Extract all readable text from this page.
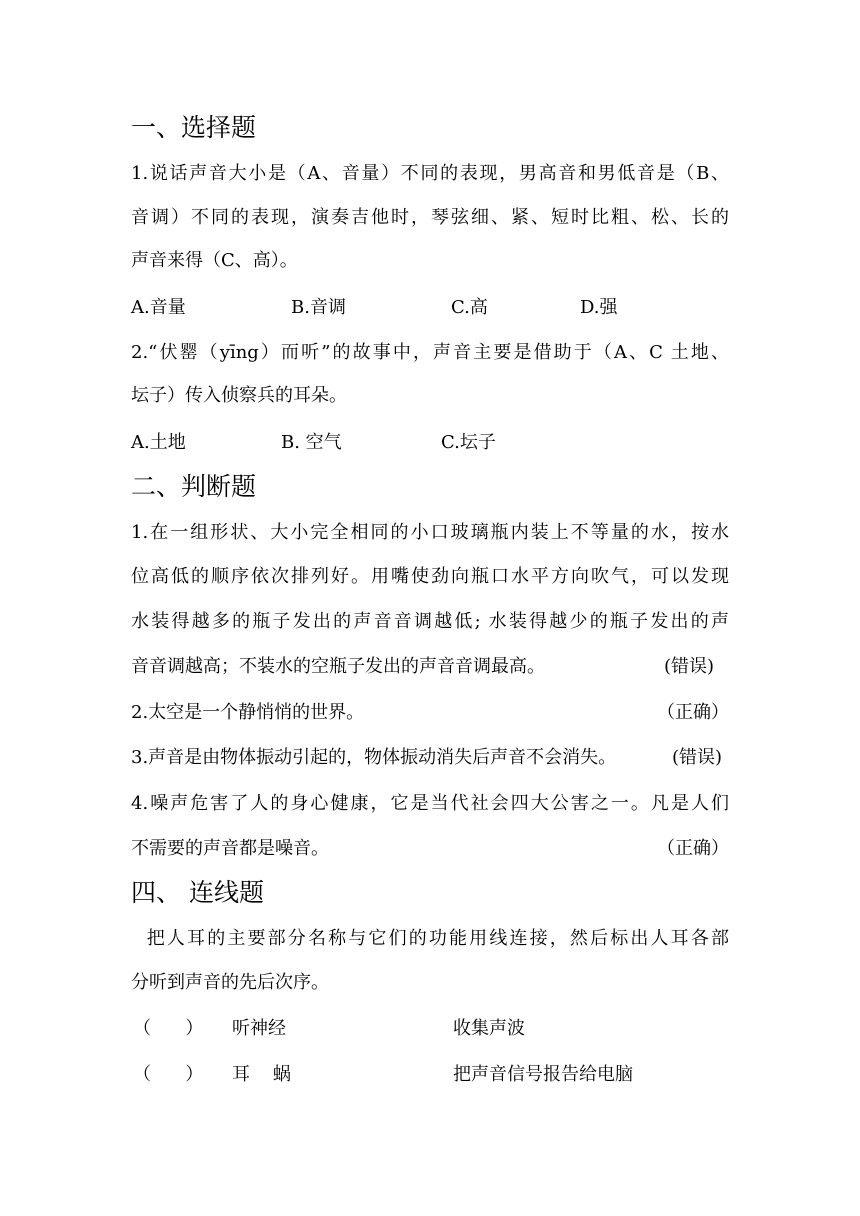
一、选择题
1.说话声音大小是（A、音量）不同的表现，男高音和男低音是（B、
音调）不同的表现，演奏吉他时，琴弦细、紧、短时比粗、松、长的
声音来得（C、高）。
A.音量	B.音调	C.高	D.强
2.“伏罂（yīng）而听”的故事中，声音主要是借助于（A、C 土地、
坛子）传入侦察兵的耳朵。
A.土地	B. 空气	C.坛子
二、判断题
1.在一组形状、大小完全相同的小口玻璃瓶内装上不等量的水，按水
位高低的顺序依次排列好。用嘴使劲向瓶口水平方向吹气，可以发现
水装得越多的瓶子发出的声音音调越低; 水装得越少的瓶子发出的声
音音调越高；不装水的空瓶子发出的声音音调最高。	(错误)
2.太空是一个静悄悄的世界。	（正确）
3.声音是由物体振动引起的，物体振动消失后声音不会消失。	(错误)
4.噪声危害了人的身心健康，它是当代社会四大公害之一。凡是人们
不需要的声音都是噪音。	（正确）
四、 连线题
把人耳的主要部分名称与它们的功能用线连接，然后标出人耳各部
分听到声音的先后次序。
（      ） 听神经	收集声波
（      ） 耳    蜗	把声音信号报告给电脑
